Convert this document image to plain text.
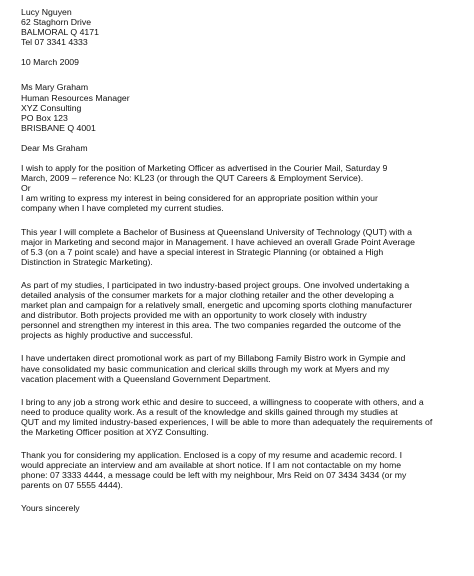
Lucy Nguyen
62 Staghorn Drive
BALMORAL Q 4171
Tel 07 3341 4333
10 March 2009
Ms Mary Graham
Human Resources Manager
XYZ Consulting
PO Box 123
BRISBANE Q 4001
Dear Ms Graham
I wish to apply for the position of Marketing Officer as advertised in the Courier Mail, Saturday 9
March, 2009 – reference No: KL23 (or through the QUT Careers & Employment Service).
Or
I am writing to express my interest in being considered for an appropriate position within your
company when I have completed my current studies.
This year I will complete a Bachelor of Business at Queensland University of Technology (QUT) with a
major in Marketing and second major in Management. I have achieved an overall Grade Point Average
of 5.3 (on a 7 point scale) and have a special interest in Strategic Planning (or obtained a High
Distinction in Strategic Marketing).
As part of my studies, I participated in two industry-based project groups. One involved undertaking a
detailed analysis of the consumer markets for a major clothing retailer and the other developing a
market plan and campaign for a relatively small, energetic and upcoming sports clothing manufacturer
and distributor. Both projects provided me with an opportunity to work closely with industry
personnel and strengthen my interest in this area. The two companies regarded the outcome of the
projects as highly productive and successful.
I have undertaken direct promotional work as part of my Billabong Family Bistro work in Gympie and
have consolidated my basic communication and clerical skills through my work at Myers and my
vacation placement with a Queensland Government Department.
I bring to any job a strong work ethic and desire to succeed, a willingness to cooperate with others, and a
need to produce quality work. As a result of the knowledge and skills gained through my studies at
QUT and my limited industry-based experiences, I will be able to more than adequately the requirements of
the Marketing Officer position at XYZ Consulting.
Thank you for considering my application. Enclosed is a copy of my resume and academic record. I
would appreciate an interview and am available at short notice. If I am not contactable on my home
phone: 07 3333 4444, a message could be left with my neighbour, Mrs Reid on 07 3434 3434 (or my
parents on 07 5555 4444).
Yours sincerely
